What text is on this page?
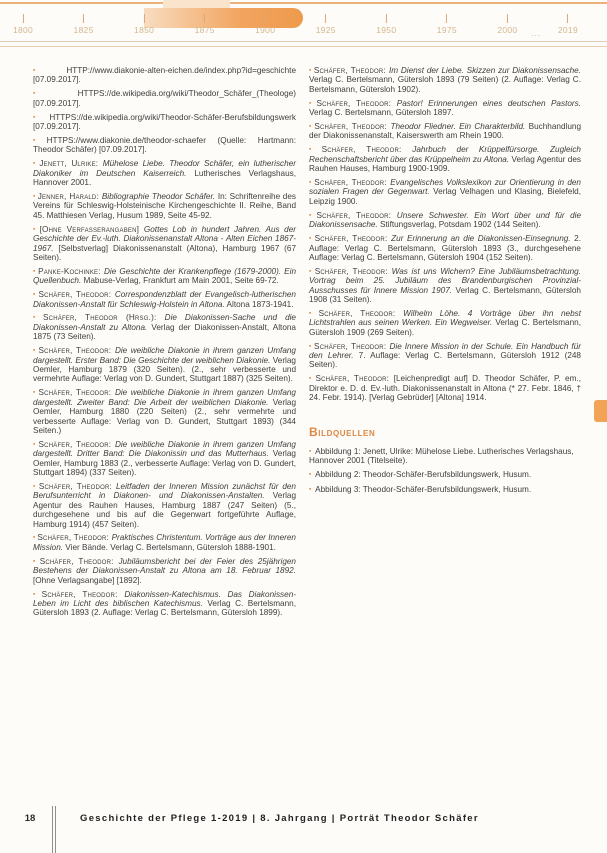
1800	1825	1850	1875	1900	1925	1950	1975	2000	2019
...
▪ HTTP://www.diakonie-alten-eichen.de/index.php?id=geschichte [07.09.2017].
▪ HTTPS://de.wikipedia.org/wiki/Theodor_Schäfer_(Theologe) [07.09.2017].
▪ HTTPS://de.wikipedia.org/wiki/Theodor-Schäfer-Berufsbildungswerk [07.09.2017].
▪ HTTPS://www.diakonie.de/theodor-schaefer (Quelle: Hartmann: Theodor Schäfer) [07.09.2017].
▪ Jenett, Ulrike: Mühelose Liebe. Theodor Schäfer, ein lutherischer Diakoniker im Deutschen Kaiserreich. Lutherisches Verlagshaus, Hannover 2001.
▪ Jenner, Harald: Bibliographie Theodor Schäfer. In: Schriftenreihe des Vereins für Schleswig-Holsteinische Kirchengeschichte II. Reihe, Band 45. Matthiesen Verlag, Husum 1989, Seite 45-92.
▪ [Ohne Verfasserangaben] Gottes Lob in hundert Jahren. Aus der Geschichte der Ev.-luth. Diakonissenanstalt Altona - Alten Eichen 1867-1967. [Selbstverlag] Diakonissenanstalt (Altona), Hamburg 1967 (67 Seiten).
▪ Panke-Kochinke: Die Geschichte der Krankenpflege (1679-2000). Ein Quellenbuch. Mabuse-Verlag, Frankfurt am Main 2001, Seite 69-72.
▪ Schäfer, Theodor: Correspondenzblatt der Evangelisch-lutherischen Diakonissen-Anstalt für Schleswig-Holstein in Altona. Altona 1873-1941.
▪ Schäfer, Theodor (Hrsg.): Die Diakonissen-Sache und die Diakonissen-Anstalt zu Altona. Verlag der Diakonissen-Anstalt, Altona 1875 (73 Seiten).
▪ Schäfer, Theodor: Die weibliche Diakonie in ihrem ganzen Umfang dargestellt. Erster Band: Die Geschichte der weiblichen Diakonie. Verlag Oemler, Hamburg 1879 (320 Seiten). (2., sehr verbesserte und vermehrte Auflage: Verlag von D. Gundert, Stuttgart 1887) (325 Seiten).
▪ Schäfer, Theodor: Die weibliche Diakonie in ihrem ganzen Umfang dargestellt. Zweiter Band: Die Arbeit der weiblichen Diakonie. Verlag Oemler, Hamburg 1880 (220 Seiten) (2., sehr vermehrte und verbesserte Auflage: Verlag von D. Gundert, Stuttgart 1893) (344 Seiten.)
▪ Schäfer, Theodor: Die weibliche Diakonie in ihrem ganzen Umfang dargestellt. Dritter Band: Die Diakonissin und das Mutterhaus. Verlag Oemler, Hamburg 1883 (2., verbesserte Auflage: Verlag von D. Gundert, Stuttgart 1894) (337 Seiten).
▪ Schäfer, Theodor: Leitfaden der Inneren Mission zunächst für den Berufsunterricht in Diakonen- und Diakonissen-Anstalten. Verlag Agentur des Rauhen Hauses, Hamburg 1887 (247 Seiten) (5., durchgesehene und bis auf die Gegenwart fortgeführte Auflage, Hamburg 1914) (457 Seiten).
▪ Schäfer, Theodor: Praktisches Christentum. Vorträge aus der Inneren Mission. Vier Bände. Verlag C. Bertelsmann, Gütersloh 1888-1901.
▪ Schäfer, Theodor: Jubiläumsbericht bei der Feier des 25jährigen Bestehens der Diakonissen-Anstalt zu Altona am 18. Februar 1892. [Ohne Verlagsangabe] [1892].
▪ Schäfer, Theodor: Diakonissen-Katechismus. Das Diakonissen-Leben im Licht des biblischen Katechismus. Verlag C. Bertelsmann, Gütersloh 1893 (2. Auflage: Verlag C. Bertelsmann, Gütersloh 1899).
▪ Schäfer, Theodor: Im Dienst der Liebe. Skizzen zur Diakonissensache. Verlag C. Bertelsmann, Gütersloh 1893 (79 Seiten) (2. Auflage: Verlag C. Bertelsmann, Gütersloh 1902).
▪ Schäfer, Theodor: Pastor! Erinnerungen eines deutschen Pastors. Verlag C. Bertelsmann, Gütersloh 1897.
▪ Schäfer, Theodor: Theodor Fliedner. Ein Charakterbild. Buchhandlung der Diakonissenanstalt, Kaiserswerth am Rhein 1900.
▪ Schäfer, Theodor: Jahrbuch der Krüppelfürsorge. Zugleich Rechenschaftsbericht über das Krüppelheim zu Altona. Verlag Agentur des Rauhen Hauses, Hamburg 1900-1909.
▪ Schäfer, Theodor: Evangelisches Volkslexikon zur Orientierung in den sozialen Fragen der Gegenwart. Verlag Velhagen und Klasing, Bielefeld, Leipzig 1900.
▪ Schäfer, Theodor: Unsere Schwester. Ein Wort über und für die Diakonissensache. Stiftungsverlag, Potsdam 1902 (144 Seiten).
▪ Schäfer, Theodor: Zur Erinnerung an die Diakonissen-Einsegnung. 2. Auflage: Verlag C. Bertelsmann, Gütersloh 1893 (3., durchgesehene Auflage: Verlag C. Bertelsmann, Gütersloh 1904 (152 Seiten).
▪ Schäfer, Theodor: Was ist uns Wichern? Eine Jubiläumsbetrachtung. Vortrag beim 25. Jubiläum des Brandenburgischen Provinzial-Ausschusses für Innere Mission 1907. Verlag C. Bertelsmann, Gütersloh 1908 (31 Seiten).
▪ Schäfer, Theodor: Wilhelm Löhe. 4 Vorträge über ihn nebst Lichtstrahlen aus seinen Werken. Ein Wegweiser. Verlag C. Bertelsmann, Gütersloh 1909 (269 Seiten).
▪ Schäfer, Theodor: Die Innere Mission in der Schule. Ein Handbuch für den Lehrer. 7. Auflage: Verlag C. Bertelsmann, Gütersloh 1912 (248 Seiten).
▪ Schäfer, Theodor: [Leichenpredigt auf] D. Theodor Schäfer, P. em., Direktor e. D. d. Ev.-luth. Diakonissenanstalt in Altona (* 27. Febr. 1846, † 24. Febr. 1914). [Verlag Gebrüder] [Altona] 1914.
Bildquellen
▪ Abbildung 1: Jenett, Ulrike: Mühelose Liebe. Lutherisches Verlagshaus, Hannover 2001 (Titelseite).
▪ Abbildung 2: Theodor-Schäfer-Berufsbildungswerk, Husum.
▪ Abbildung 3: Theodor-Schäfer-Berufsbildungswerk, Husum.
18	Geschichte der Pflege 1-2019 | 8. Jahrgang | Porträt Theodor Schäfer
